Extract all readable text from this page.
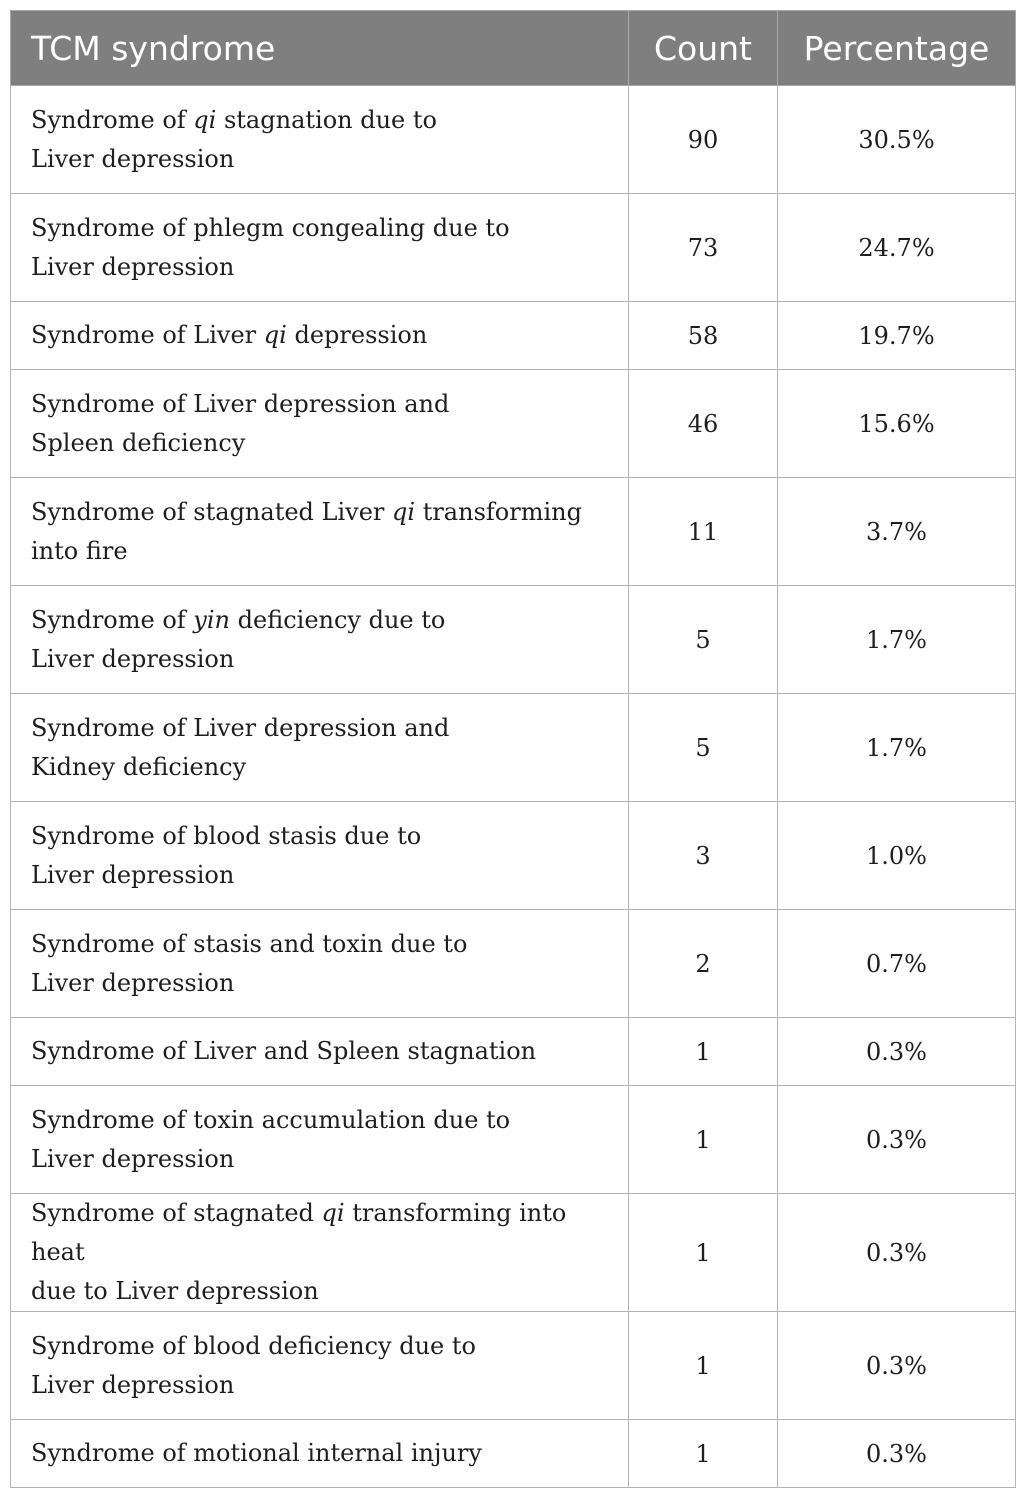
TCM syndrome	Count	Percentage

Syndrome of qi stagnation due to
Liver depression	90	30.5%

Syndrome of phlegm congealing due to
Liver depression	73	24.7%

Syndrome of Liver qi depression	58	19.7%

Syndrome of Liver depression and
Spleen deficiency	46	15.6%

Syndrome of stagnated Liver qi transforming
into fire	11	3.7%

Syndrome of yin deficiency due to
Liver depression	5	1.7%

Syndrome of Liver depression and
Kidney deficiency	5	1.7%

Syndrome of blood stasis due to
Liver depression	3	1.0%

Syndrome of stasis and toxin due to
Liver depression	2	0.7%

Syndrome of Liver and Spleen stagnation	1	0.3%

Syndrome of toxin accumulation due to
Liver depression	1	0.3%

Syndrome of stagnated qi transforming into heat
due to Liver depression	1	0.3%

Syndrome of blood deficiency due to
Liver depression	1	0.3%

Syndrome of motional internal injury	1	0.3%
